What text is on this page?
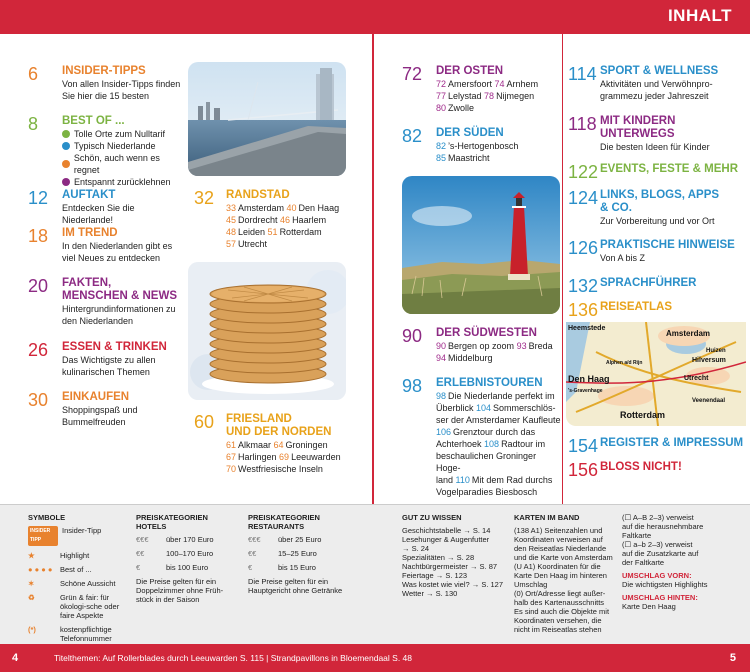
INHALT
6 INSIDER-TIPPS
Von allen Insider-Tipps finden Sie hier die 15 besten
8 BEST OF ...
Tolle Orte zum Nulltarif
Typisch Niederlande
Schön, auch wenn es regnet
Entspannt zurücklehnen
12 AUFTAKT
Entdecken Sie die Niederlande!
18 IM TREND
In den Niederlanden gibt es viel Neues zu entdecken
20 FAKTEN,
MENSCHEN & NEWS
Hintergrundinformationen zu den Niederlanden
26 ESSEN & TRINKEN
Das Wichtigste zu allen kulinarischen Themen
30 EINKAUFEN
Shoppingspaß und Bummelfreuden
32 RANDSTAD
33 Amsterdam 40 Den Haag
45 Dordrecht 46 Haarlem
48 Leiden 51 Rotterdam
57 Utrecht
60 FRIESLAND
UND DER NORDEN
61 Alkmaar 64 Groningen
67 Harlingen 69 Leeuwarden
70 Westfriesische Inseln
72 DER OSTEN
72 Amersfoort 74 Arnhem
77 Lelystad 78 Nijmegen
80 Zwolle
82 DER SÜDEN
82 ’s-Hertogenbosch
85 Maastricht
90 DER SÜDWESTEN
90 Bergen op zoom 93 Breda
94 Middelburg
98 ERLEBNISTOUREN
98 Die Niederlande perfekt im
Überblick 104 Sommerschlös-
ser der Amsterdamer Kaufleute
106 Grenztour durch das
Achterhoek 108 Radtour im
beschaulichen Groninger Hoge-
land 110 Mit dem Rad durchs
Vogelparadies Biesbosch
114 SPORT & WELLNESS
Aktivitäten und Verwöhnpro-grammezu jeder Jahreszeit
118 MIT KINDERN
UNTERWEGS
Die besten Ideen für Kinder
122 EVENTS, FESTE & MEHR
124 LINKS, BLOGS, APPS
& CO.
Zur Vorbereitung und vor Ort
126 PRAKTISCHE HINWEISE
Von A bis Z
132 SPRACHFÜHRER
136 REISEATLAS
Heemstede
Amsterdam
Huizen
Alphen a/d Rijn	Hilversum
Den Haag	Utrecht
Veenendaal
Rotterdam
’s-Gravenhage
154 REGISTER & IMPRESSUM
156 BLOSS NICHT!
SYMBOLE
INSIDER TIPP
Insider-Tipp
★	Highlight
● ● ● ●	Best of ...
✶	Schöne Aussicht
♻	Grün & fair: für ökologi-sche oder faire Aspekte
(*)	kostenpflichtige Telefonnummer
PREISKATEGORIEN
HOTELS
€€€	über 170 Euro
€€	100–170 Euro
€	bis 100 Euro
Die Preise gelten für ein Doppelzimmer ohne Früh-stück in der Saison
PREISKATEGORIEN
RESTAURANTS
€€€	über 25 Euro
€€	15–25 Euro
€	bis 15 Euro
Die Preise gelten für ein Hauptgericht ohne Getränke
GUT ZU WISSEN
Geschichtstabelle → S. 14
Lesehunger & Augenfutter
→ S. 24
Spezialitäten → S. 28
Nachtbürgermeister → S. 87
Feiertage → S. 123
Was kostet wie viel? → S. 127
Wetter → S. 130
KARTEN IM BAND
(138 A1) Seitenzahlen und
Koordinaten verweisen auf
den Reiseatlas Niederlande
und die Karte von Amsterdam
(U A1) Koordinaten für die
Karte Den Haag im hinteren
Umschlag
(0) Ort/Adresse liegt außer-
halb des Kartenausschnitts
Es sind auch die Objekte mit
Koordinaten versehen, die
nicht im Reiseatlas stehen
(☐ A–B 2–3) verweist
auf die herausnehmbare
Faltkarte
(☐ a–b 2–3) verweist
auf die Zusatzkarte auf
der Faltkarte
UMSCHLAG VORN:
Die wichtigsten Highlights
UMSCHLAG HINTEN:
Karte Den Haag
4	Titelthemen: Auf Rollerblades durch Leeuwarden S. 115 | Strandpavillons in Bloemendaal S. 48	5
